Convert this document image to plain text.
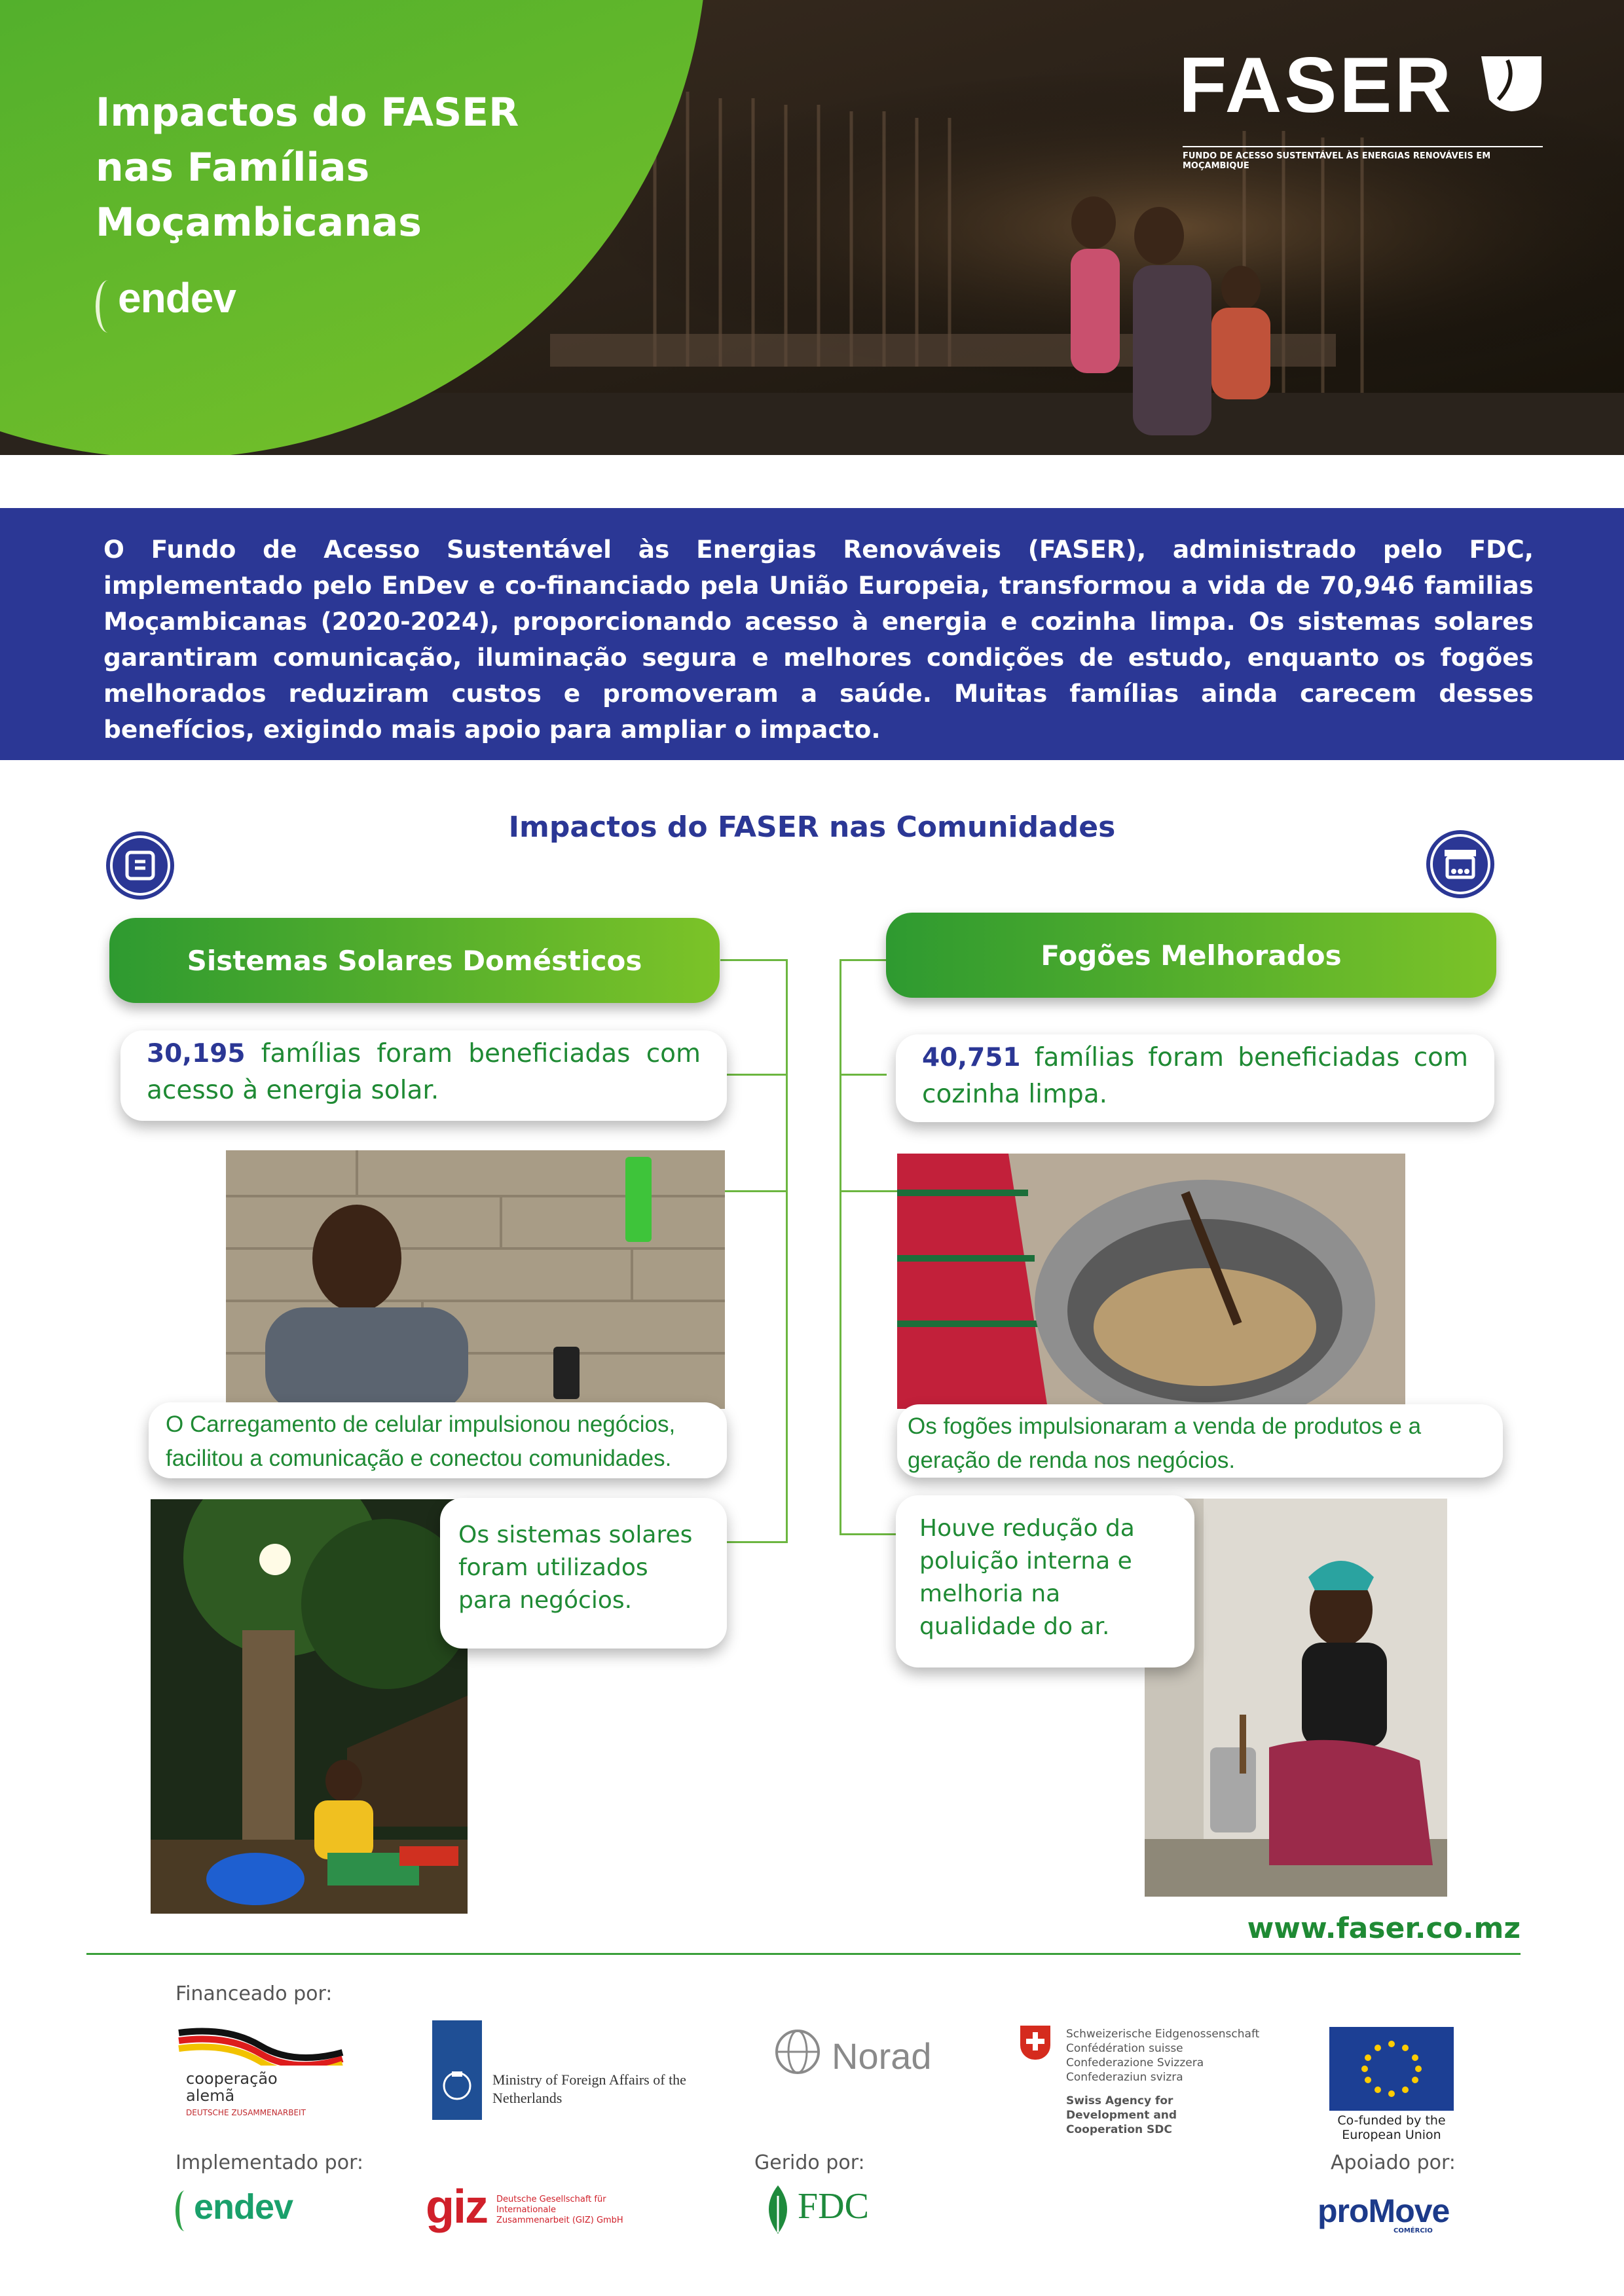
Impactos do FASER nas Famílias Moçambicanas
endev
FASER
FUNDO DE ACESSO SUSTENTÁVEL ÀS ENERGIAS RENOVÁVEIS EM MOÇAMBIQUE
O Fundo de Acesso Sustentável às Energias Renováveis (FASER), administrado pelo FDC, implementado pelo EnDev e co-financiado pela União Europeia, transformou a vida de 70,946 familias Moçambicanas (2020-2024), proporcionando acesso à energia e cozinha limpa. Os sistemas solares garantiram comunicação, iluminação segura e melhores condições de estudo, enquanto os fogões melhorados reduziram custos e promoveram a saúde. Muitas famílias ainda carecem desses benefícios, exigindo mais apoio para ampliar o impacto.
Impactos do FASER nas Comunidades
Sistemas Solares Domésticos
30,195 famílias foram beneficiadas com acesso à energia solar.
O Carregamento de celular impulsionou negócios, facilitou a comunicação e conectou comunidades.
Os sistemas solares foram utilizados para negócios.
Fogões Melhorados
40,751 famílias foram beneficiadas com cozinha limpa.
Os fogões impulsionaram a venda de produtos e a geração de renda nos negócios.
Houve redução da poluição interna e melhoria na qualidade do ar.
www.faser.co.mz
Financeado por:
Implementado por:	Gerido por:	Apoiado por:
cooperação
alemã
DEUTSCHE ZUSAMMENARBEIT
Ministry of Foreign Affairs of the Netherlands
Norad
Schweizerische Eidgenossenschaft
Confédération suisse
Confederazione Svizzera
Confederaziun svizra
Swiss Agency for Development and Cooperation SDC
Co-funded by the European Union
endev	giz Deutsche Gesellschaft für Internationale Zusammenarbeit (GIZ) GmbH	FDC	proMove
COMÉRCIO
